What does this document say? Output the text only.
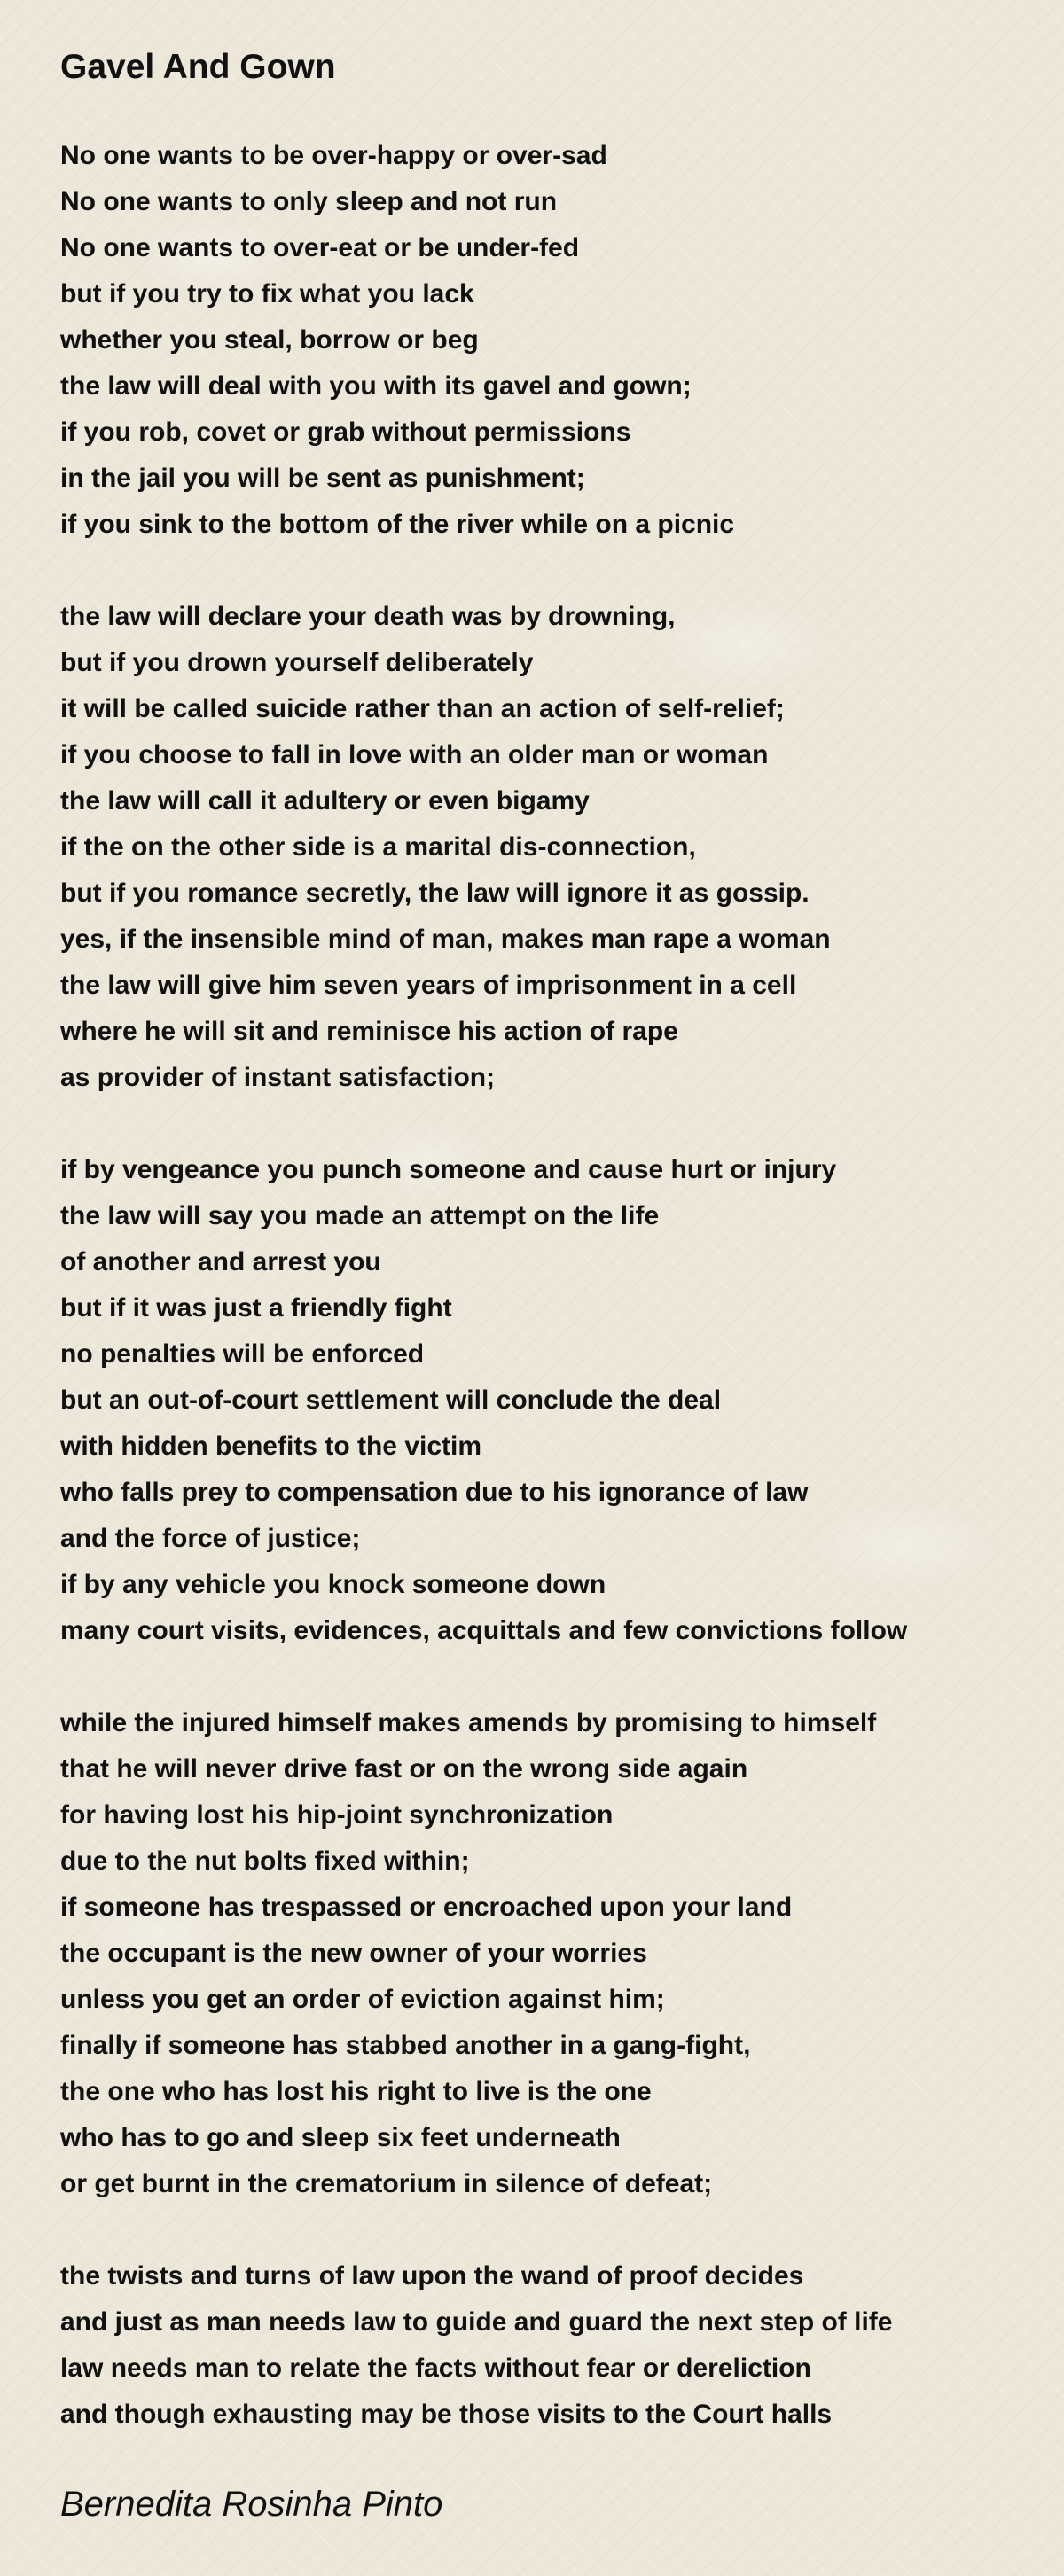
Gavel And Gown
No one wants to be over-happy or over-sad
No one wants to only sleep and not run
No one wants to over-eat or be under-fed
but if you try to fix what you lack
whether you steal, borrow or beg
the law will deal with you with its gavel and gown;
if you rob, covet or grab without permissions
in the jail you will be sent as punishment;
if you sink to the bottom of the river while on a picnic
the law will declare your death was by drowning,
but if you drown yourself deliberately
it will be called suicide rather than an action of self-relief;
if you choose to fall in love with an older man or woman
the law will call it adultery or even bigamy
if the on the other side is a marital dis-connection,
but if you romance secretly, the law will ignore it as gossip.
yes, if the insensible mind of man, makes man rape a woman
the law will give him seven years of imprisonment in a cell
where he will sit and reminisce his action of rape
as provider of instant satisfaction;
if by vengeance you punch someone and cause hurt or injury
the law will say you made an attempt on the life
of another and arrest you
but if it was just a friendly fight
no penalties will be enforced
but an out-of-court settlement will conclude the deal
with hidden benefits to the victim
who falls prey to compensation due to his ignorance of law
and the force of justice;
if by any vehicle you knock someone down
many court visits, evidences, acquittals and few convictions follow
while the injured himself makes amends by promising to himself
that he will never drive fast or on the wrong side again
for having lost his hip-joint synchronization
due to the nut bolts fixed within;
if someone has trespassed or encroached upon your land
the occupant is the new owner of your worries
unless you get an order of eviction against him;
finally if someone has stabbed another in a gang-fight,
the one who has lost his right to live is the one
who has to go and sleep six feet underneath
or get burnt in the crematorium in silence of defeat;
the twists and turns of law upon the wand of proof decides
and just as man needs law to guide and guard the next step of life
law needs man to relate the facts without fear or dereliction
and though exhausting may be those visits to the Court halls

Bernedita Rosinha Pinto
